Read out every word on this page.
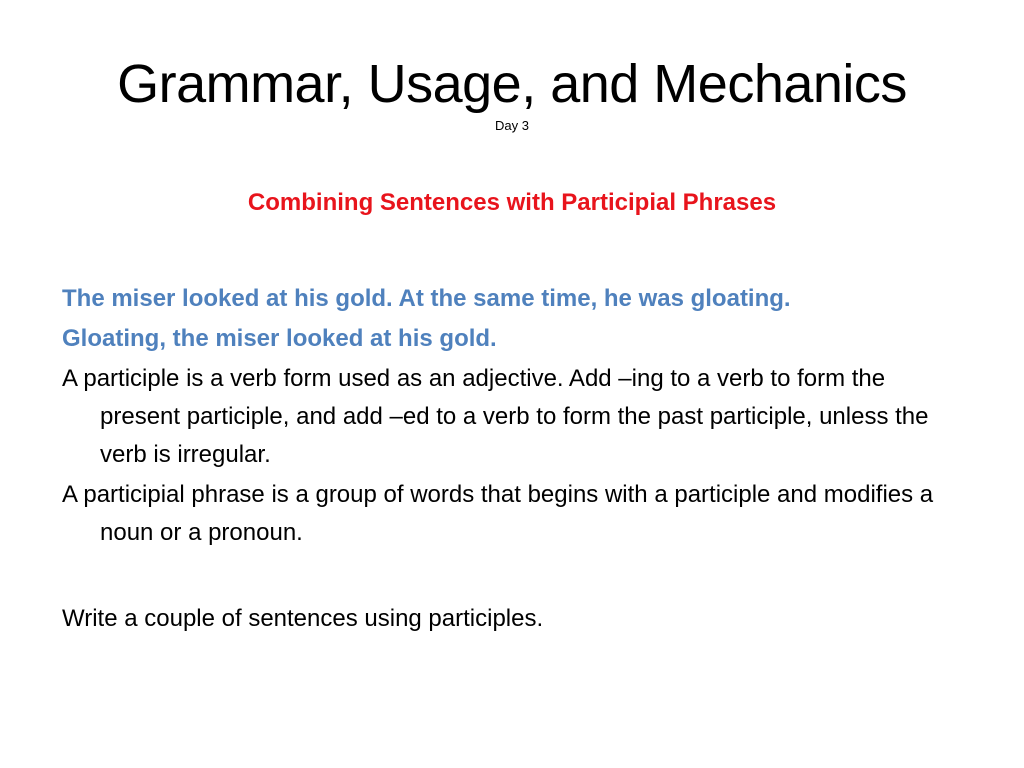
Grammar, Usage, and Mechanics
Day 3
Combining Sentences with Participial Phrases

The miser looked at his gold. At the same time, he was gloating.

Gloating, the miser looked at his gold.

A participle is a verb form used as an adjective. Add –ing to a verb to form the present participle, and add –ed to a verb to form the past participle, unless the verb is irregular.

A participial phrase is a group of words that begins with a participle and modifies a noun or a pronoun.

Write a couple of sentences using participles.
